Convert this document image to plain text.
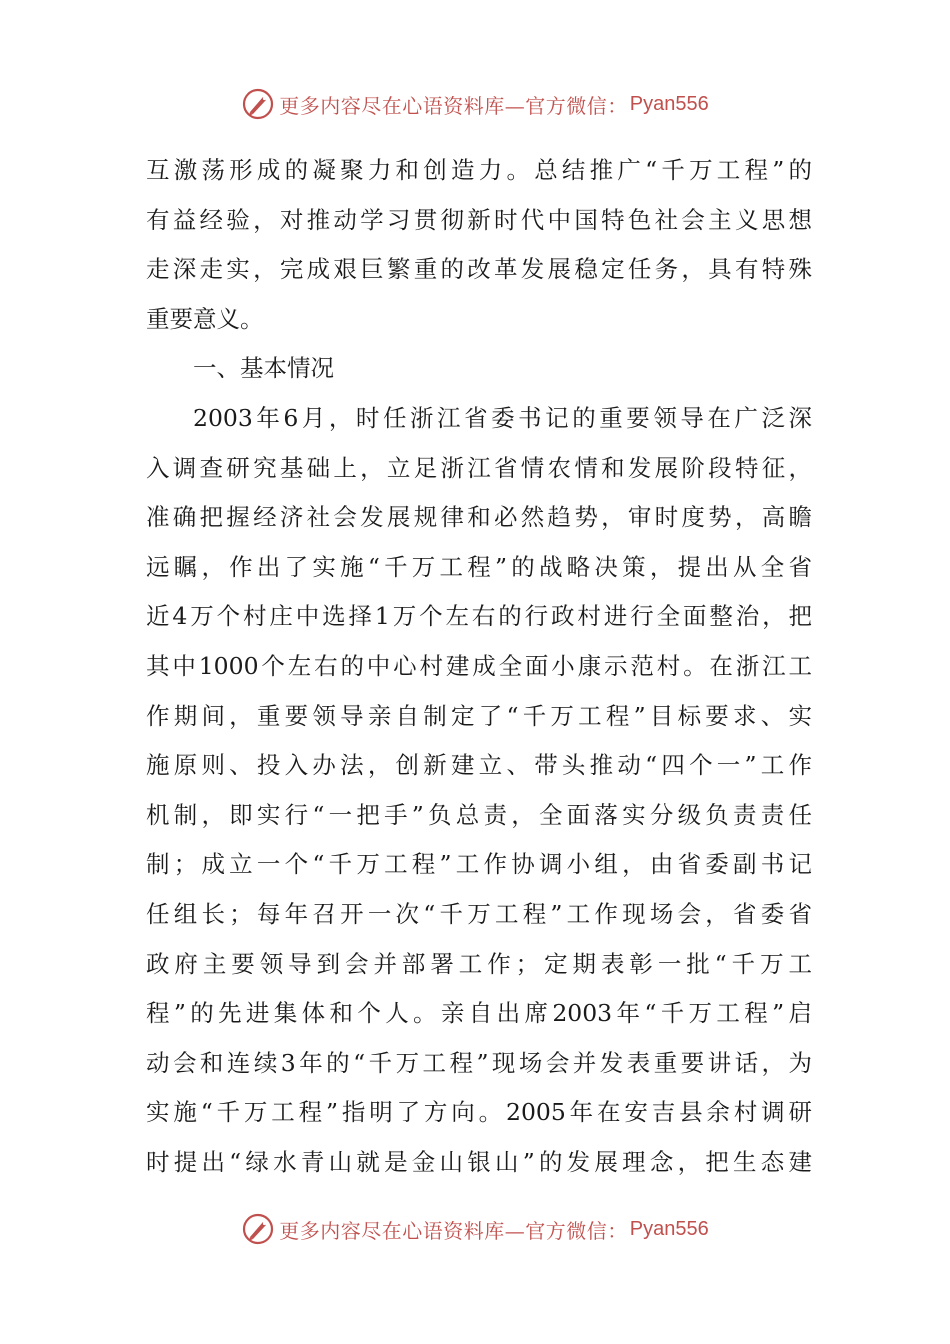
更多内容尽在心语资料库—官方微信： Pyan556
互激荡形成的凝聚力和创造力。总结推广“千万工程”的
有益经验，对推动学习贯彻新时代中国特色社会主义思想
走深走实，完成艰巨繁重的改革发展稳定任务，具有特殊
重要意义。
一、基本情况
2003年6月，时任浙江省委书记的重要领导在广泛深
入调查研究基础上，立足浙江省情农情和发展阶段特征，
准确把握经济社会发展规律和必然趋势，审时度势，高瞻
远瞩，作出了实施“千万工程”的战略决策，提出从全省
近4万个村庄中选择1万个左右的行政村进行全面整治，把
其中1000个左右的中心村建成全面小康示范村。在浙江工
作期间，重要领导亲自制定了“千万工程”目标要求、实
施原则、投入办法，创新建立、带头推动“四个一”工作
机制，即实行“一把手”负总责，全面落实分级负责责任
制；成立一个“千万工程”工作协调小组，由省委副书记
任组长；每年召开一次“千万工程”工作现场会，省委省
政府主要领导到会并部署工作；定期表彰一批“千万工
程”的先进集体和个人。亲自出席2003年“千万工程”启
动会和连续3年的“千万工程”现场会并发表重要讲话，为
实施“千万工程”指明了方向。2005年在安吉县余村调研
时提出“绿水青山就是金山银山”的发展理念，把生态建
更多内容尽在心语资料库—官方微信： Pyan556
